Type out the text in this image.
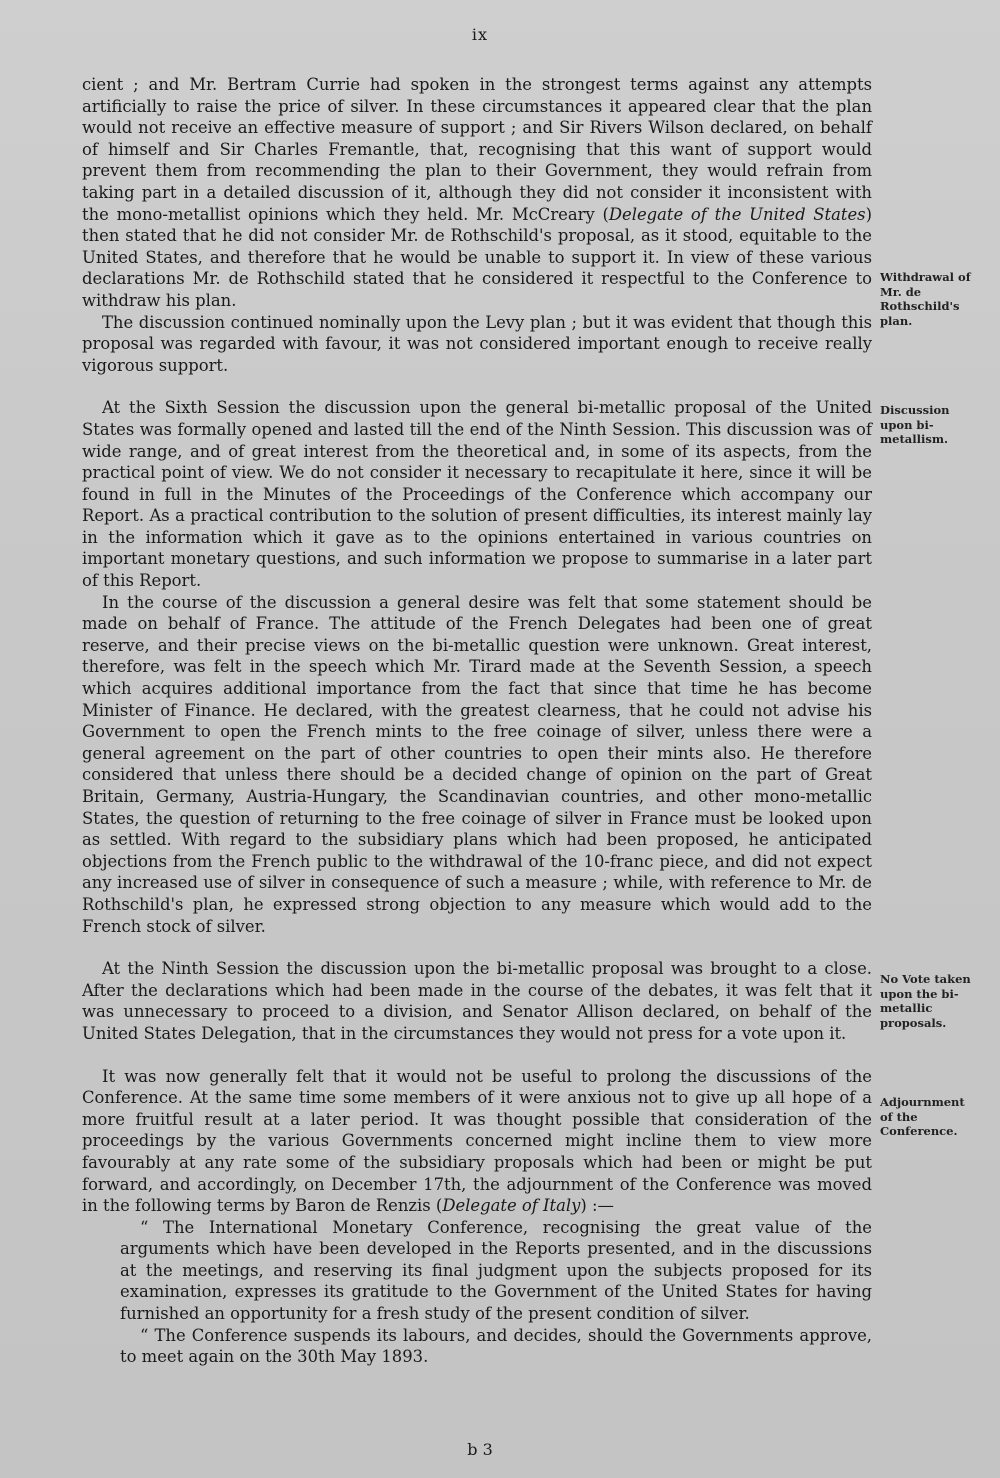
ix

cient ; and Mr. Bertram Currie had spoken in the strongest terms against any attempts artificially to raise the price of silver. In these circumstances it appeared clear that the plan would not receive an effective measure of support ; and Sir Rivers Wilson declared, on behalf of himself and Sir Charles Fremantle, that, recognising that this want of support would prevent them from recommending the plan to their Government, they would refrain from taking part in a detailed discussion of it, although they did not consider it inconsistent with the mono-metallist opinions which they held. Mr. McCreary (Delegate of the United States) then stated that he did not consider Mr. de Rothschild's proposal, as it stood, equitable to the United States, and therefore that he would be unable to support it. In view of these various declarations Mr. de Rothschild stated that he considered it respectful to the Conference to withdraw his plan.

The discussion continued nominally upon the Levy plan ; but it was evident that though this proposal was regarded with favour, it was not considered important enough to receive really vigorous support.

At the Sixth Session the discussion upon the general bi-metallic proposal of the United States was formally opened and lasted till the end of the Ninth Session. This discussion was of wide range, and of great interest from the theoretical and, in some of its aspects, from the practical point of view. We do not consider it necessary to recapitulate it here, since it will be found in full in the Minutes of the Proceedings of the Conference which accompany our Report. As a practical contribution to the solution of present difficulties, its interest mainly lay in the information which it gave as to the opinions entertained in various countries on important monetary questions, and such information we propose to summarise in a later part of this Report.

In the course of the discussion a general desire was felt that some statement should be made on behalf of France. The attitude of the French Delegates had been one of great reserve, and their precise views on the bi-metallic question were unknown. Great interest, therefore, was felt in the speech which Mr. Tirard made at the Seventh Session, a speech which acquires additional importance from the fact that since that time he has become Minister of Finance. He declared, with the greatest clearness, that he could not advise his Government to open the French mints to the free coinage of silver, unless there were a general agreement on the part of other countries to open their mints also. He therefore considered that unless there should be a decided change of opinion on the part of Great Britain, Germany, Austria-Hungary, the Scandinavian countries, and other mono-metallic States, the question of returning to the free coinage of silver in France must be looked upon as settled. With regard to the subsidiary plans which had been proposed, he anticipated objections from the French public to the withdrawal of the 10-franc piece, and did not expect any increased use of silver in consequence of such a measure ; while, with reference to Mr. de Rothschild's plan, he expressed strong objection to any measure which would add to the French stock of silver.

At the Ninth Session the discussion upon the bi-metallic proposal was brought to a close. After the declarations which had been made in the course of the debates, it was felt that it was unnecessary to proceed to a division, and Senator Allison declared, on behalf of the United States Delegation, that in the circumstances they would not press for a vote upon it.

It was now generally felt that it would not be useful to prolong the discussions of the Conference. At the same time some members of it were anxious not to give up all hope of a more fruitful result at a later period. It was thought possible that consideration of the proceedings by the various Governments concerned might incline them to view more favourably at any rate some of the subsidiary proposals which had been or might be put forward, and accordingly, on December 17th, the adjournment of the Conference was moved in the following terms by Baron de Renzis (Delegate of Italy) :—

“ The International Monetary Conference, recognising the great value of the arguments which have been developed in the Reports presented, and in the discussions at the meetings, and reserving its final judgment upon the subjects proposed for its examination, expresses its gratitude to the Government of the United States for having furnished an opportunity for a fresh study of the present condition of silver.

“ The Conference suspends its labours, and decides, should the Governments approve, to meet again on the 30th May 1893.

Withdrawal of Mr. de Rothschild's plan.
Discussion upon bi-metallism.
No Vote taken upon the bi-metallic proposals.
Adjournment of the Conference.
b 3
